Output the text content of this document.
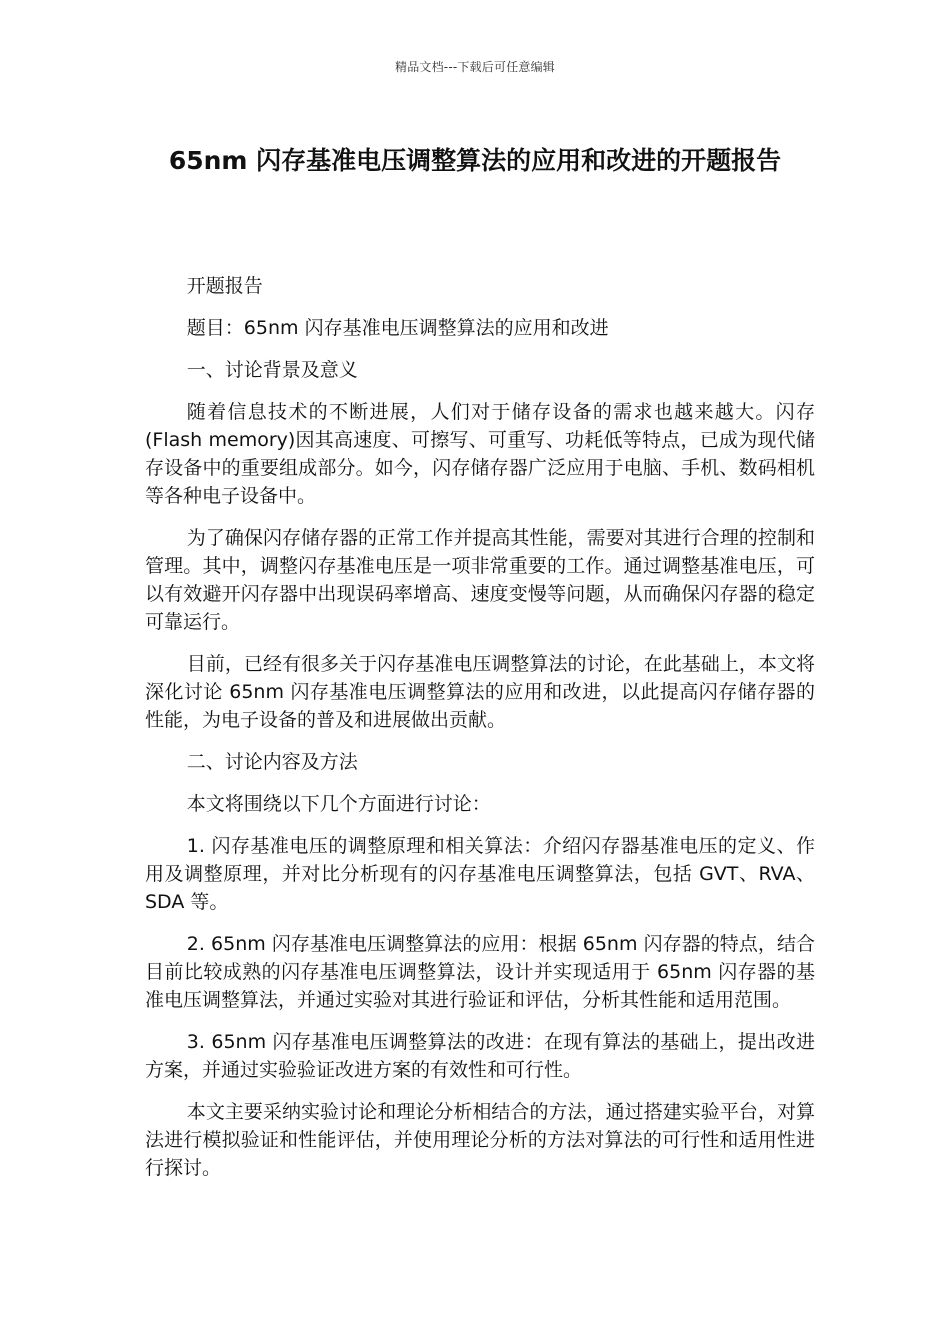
精品文档---下载后可任意编辑
65nm 闪存基准电压调整算法的应用和改进的开题报告

开题报告

题目：65nm 闪存基准电压调整算法的应用和改进

一、讨论背景及意义

随着信息技术的不断进展，人们对于储存设备的需求也越来越大。闪存(Flash memory)因其高速度、可擦写、可重写、功耗低等特点，已成为现代储存设备中的重要组成部分。如今，闪存储存器广泛应用于电脑、手机、数码相机等各种电子设备中。

为了确保闪存储存器的正常工作并提高其性能，需要对其进行合理的控制和管理。其中，调整闪存基准电压是一项非常重要的工作。通过调整基准电压，可以有效避开闪存器中出现误码率增高、速度变慢等问题，从而确保闪存器的稳定可靠运行。

目前，已经有很多关于闪存基准电压调整算法的讨论，在此基础上，本文将深化讨论 65nm 闪存基准电压调整算法的应用和改进，以此提高闪存储存器的性能，为电子设备的普及和进展做出贡献。

二、讨论内容及方法

本文将围绕以下几个方面进行讨论：

1. 闪存基准电压的调整原理和相关算法：介绍闪存器基准电压的定义、作用及调整原理，并对比分析现有的闪存基准电压调整算法，包括 GVT、RVA、SDA 等。

2. 65nm 闪存基准电压调整算法的应用：根据 65nm 闪存器的特点，结合目前比较成熟的闪存基准电压调整算法，设计并实现适用于 65nm 闪存器的基准电压调整算法，并通过实验对其进行验证和评估，分析其性能和适用范围。

3. 65nm 闪存基准电压调整算法的改进：在现有算法的基础上，提出改进方案，并通过实验验证改进方案的有效性和可行性。

本文主要采纳实验讨论和理论分析相结合的方法，通过搭建实验平台，对算法进行模拟验证和性能评估，并使用理论分析的方法对算法的可行性和适用性进行探讨。
